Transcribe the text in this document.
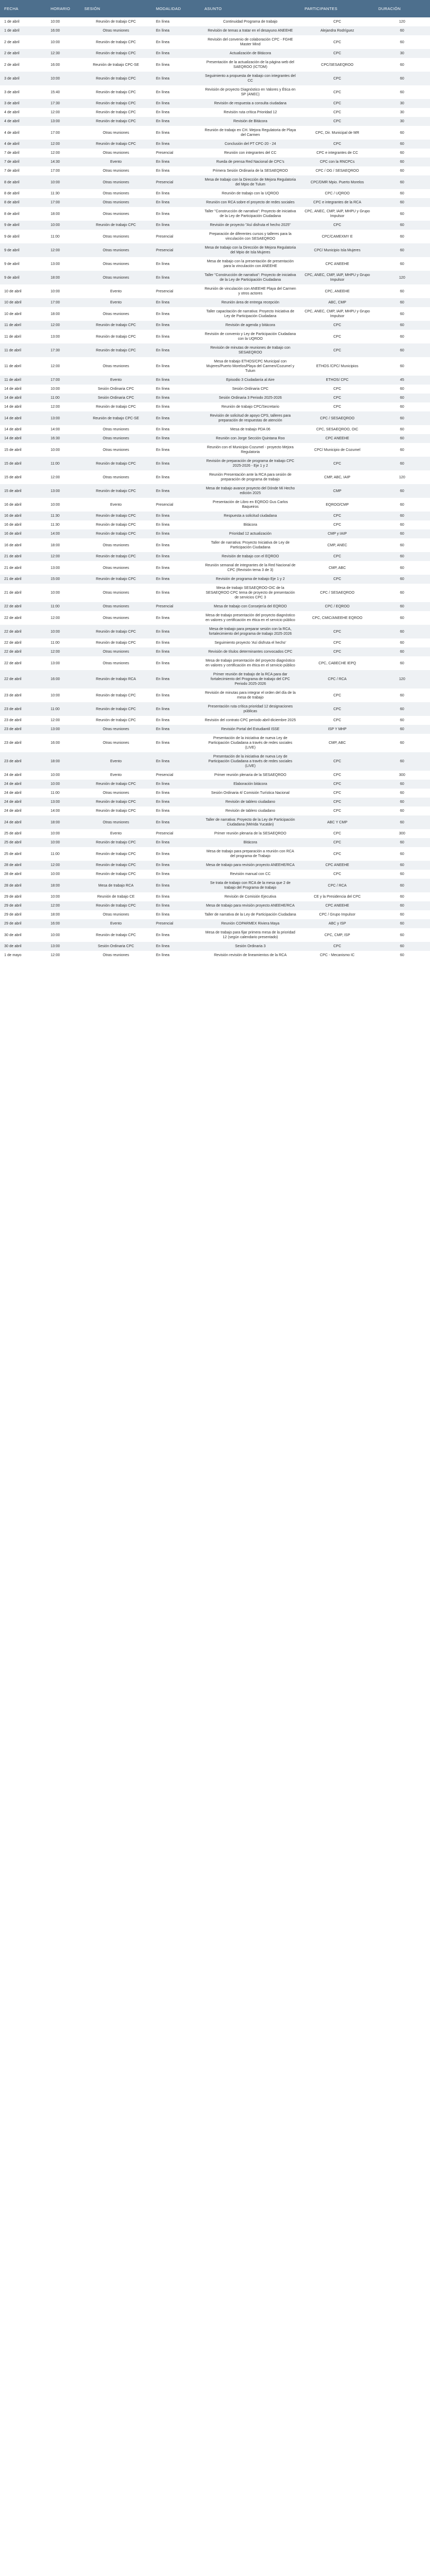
FECHA	HORARIO	SESIÓN	MODALIDAD	ASUNTO	PARTICIPANTES	DURACIÓN
1 de abril	10:00	Reunión de trabajo CPC	En línea	Continuidad Programa de trabajo	CPC	120
1 de abril	16:00	Otras reuniones	En línea	Revisión de temas a tratar en el desayuno ANEEHE	Alejandra Rodríguez	60
2 de abril	10:00	Reunión de trabajo CPC	En línea	Revisión del convenio de colaboración CPC - FGHE Master Mind	CPC	60
2 de abril	12:30	Reunión de trabajo CPC	En línea	Actualización de Bitácora	CPC	30
2 de abril	16:00	Reunión de trabajo CPC-SE	En línea	Presentación de la actualización de la página web del SAEQROO (ICTDM)	CPC/SESAEQROO	60
3 de abril	10:00	Reunión de trabajo CPC	En línea	Seguimiento a propuesta de trabajo con integrantes del CC	CPC	60
3 de abril	15:40	Reunión de trabajo CPC	En línea	Revisión de proyecto Diagnóstico en Valores y Ética en SP (ANEC)	CPC	60
3 de abril	17:30	Reunión de trabajo CPC	En línea	Revisión de respuesta a consulta ciudadana	CPC	30
4 de abril	12:00	Reunión de trabajo CPC	En línea	Revisión ruta crítica Prioridad 12	CPC	30
4 de abril	13:00	Reunión de trabajo CPC	En línea	Revisión de Bitácora	CPC	30
4 de abril	17:00	Otras reuniones	En línea	Reunión de trabajo en CH. Mejora Regulatoria de Playa del Carmen	CPC, Dir. Municipal de MR	60
4 de abril	12:00	Reunión de trabajo CPC	En línea	Conclusión del PT CPC-20 - 24	CPC	60
7 de abril	12:00	Otras reuniones	Presencial	Reunión con integrantes del CC	CPC e integrantes de CC	60
7 de abril	14:30	Evento	En línea	Rueda de prensa Red Nacional de CPC's	CPC con la RNCPCs	60
7 de abril	17:00	Otras reuniones	En línea	Primera Sesión Ordinaria de la SESAEQROO	CPC / OG / SESAEQROO	60
8 de abril	10:00	Otras reuniones	Presencial	Mesa de trabajo con la Dirección de Mejora Regulatoria del Mpio de Tulum	CPC/DMR Mpio. Puerto Morelos	60
8 de abril	11:30	Otras reuniones	En línea	Reunión de trabajo con la UQROO	CPC / UQROO	60
8 de abril	17:00	Otras reuniones	En línea	Reunión con RCA sobre el proyecto de redes sociales	CPC e integrantes de la RCA	60
8 de abril	18:00	Otras reuniones	En línea	Taller "Construcción de narrativa": Proyecto de iniciativa de la Ley de Participación Ciudadana	CPC, ANEC, CMP, IAIP, MHPU y Grupo Impulsor	60
9 de abril	10:00	Reunión de trabajo CPC	En línea	Revisión de proyecto "Así disfruta el hecho 2025"	CPC	60
9 de abril	11:00	Otras reuniones	Presencial	Preparación de diferentes cursos y talleres para la vinculación con SESAEQROO	CPC/CAMEXMY E	60
9 de abril	12:00	Otras reuniones	Presencial	Mesa de trabajo con la Dirección de Mejora Regulatoria del Mpio de Isla Mujeres	CPC/ Municipio Isla Mujeres	60
9 de abril	13:00	Otras reuniones	En línea	Mesa de trabajo con la presentación de presentación para la vinculación con ANEEHE	CPC ANEEHE	60
9 de abril	18:00	Otras reuniones	En línea	Taller "Construcción de narrativa": Proyecto de iniciativa de la Ley de Participación Ciudadana	CPC, ANEC, CMP, IAIP, MHPU y Grupo Impulsor	120
10 de abril	10:00	Evento	Presencial	Reunión de vinculación con ANEEHE Playa del Carmen y otros actores	CPC, ANEEHE	60
10 de abril	17:00	Evento	En línea	Reunión área de entrega recepción	ABC, CMP	60
10 de abril	18:00	Otras reuniones	En línea	Taller capacitación de narrativa: Proyecto Iniciativa de Ley de Participación Ciudadana	CPC, ANEC, CMP, IAIP, MHPU y Grupo Impulsor	60
11 de abril	12:00	Reunión de trabajo CPC	En línea	Revisión de agenda y bitácora	CPC	60
11 de abril	13:00	Reunión de trabajo CPC	En línea	Revisión de convenio y Ley de Participación Ciudadana con la UQROO	CPC	60
11 de abril	17:30	Reunión de trabajo CPC	En línea	Revisión de minutas de reuniones de trabajo con SESAEQROO	CPC	60
11 de abril	12:00	Otras reuniones	En línea	Mesa de trabajo ETHOS/CPC Municipal con Mujeres/Puerto Morelos/Playa del Carmen/Cozumel y Tulum	ETHOS /CPC/ Municipios	60
11 de abril	17:00	Evento	En línea	Episodio 3 Ciudadanía al Aire	ETHOS/ CPC	45
14 de abril	10:00	Sesión Ordinaria CPC	En línea	Sesión Ordinaria CPC	CPC	60
14 de abril	11:00	Sesión Ordinaria CPC	En línea	Sesión Ordinaria 3 Periodo 2025-2026	CPC	60
14 de abril	12:00	Reunión de trabajo CPC	En línea	Reunión de trabajo CPC/Secretario	CPC	60
14 de abril	13:00	Reunión de trabajo CPC-SE	En línea	Revisión de solicitud de apoyo CPS, talleres para preparación de respuestas de atención	CPC / SESAEQROO	60
14 de abril	14:00	Otras reuniones	En línea	Mesa de trabajo PDA 06	CPC, SESAEQROO, OIC	60
14 de abril	16:30	Otras reuniones	En línea	Reunión con Jorge Sección Quintana Roo	CPC ANEEHE	60
15 de abril	10:00	Otras reuniones	En línea	Reunión con el Municipio Cozumel - proyecto Mejora Regulatoria	CPC/ Municipio de Cozumel	60
15 de abril	11:00	Reunión de trabajo CPC	En línea	Revisión de preparación de programa de trabajo CPC 2025-2026 - Eje 1 y 2	CPC	60
15 de abril	12:00	Otras reuniones	En línea	Reunión Presentación ante la RCA para sesión de preparación de programa de trabajo	CMP, ABC, IAIP	120
15 de abril	13:00	Reunión de trabajo CPC	En línea	Mesa de trabajo avance proyecto del Dónde Mi Hecho edición 2025	CMP	60
16 de abril	10:00	Evento	Presencial	Presentación de Libro en EQROO Gus Carlos Baqueiros	EQROO/CMP	60
16 de abril	11:30	Reunión de trabajo CPC	En línea	Respuesta a solicitud ciudadana	CPC	60
16 de abril	11:30	Reunión de trabajo CPC	En línea	Bitácora	CPC	60
16 de abril	14:00	Reunión de trabajo CPC	En línea	Prioridad 12 actualización	CMP y IAIP	60
16 de abril	18:00	Otras reuniones	En línea	Taller de narrativa: Proyecto Iniciativa de Ley de Participación Ciudadana	CMP, ANEC	60
21 de abril	12:00	Reunión de trabajo CPC	En línea	Revisión de trabajo con el EQROO	CPC	60
21 de abril	13:00	Otras reuniones	En línea	Reunión semanal de integrantes de la Red Nacional de CPC (Revisión tema 3 de 3)	CMP, ABC	60
21 de abril	15:00	Reunión de trabajo CPC	En línea	Revisión de programa de trabajo Eje 1 y 2	CPC	60
21 de abril	10:00	Otras reuniones	En línea	Mesa de trabajo SESAEQROO-OIC de la SESAEQROO CPC tema de proyecto de presentación de servicios CPC 3	CPC / SESAEQROO	60
22 de abril	11:00	Otras reuniones	Presencial	Mesa de trabajo con Consejería del EQROO	CPC / EQROO	60
22 de abril	12:00	Otras reuniones	En línea	Mesa de trabajo presentación del proyecto diagnóstico en valores y certificación en ética en el servicio público	CPC, CMIC/ANEEHE EQROO	60
22 de abril	10:00	Reunión de trabajo CPC	En línea	Mesa de trabajo para preparar sesión con la RCA, fortalecimiento del programa de trabajo 2025-2026	CPC	60
22 de abril	11:00	Reunión de trabajo CPC	En línea	Seguimiento proyecto 'Así disfruta el hecho'	CPC	60
22 de abril	12:00	Otras reuniones	En línea	Revisión de títulos determinantes convocados CPC	CPC	60
22 de abril	13:00	Otras reuniones	En línea	Mesa de trabajo presentación del proyecto diagnóstico en valores y certificación en ética en el servicio público	CPC, CABECHE IEPQ	60
22 de abril	16:00	Reunión de trabajo RCA	En línea	Primer reunión de trabajo de la RCA para dar fortalecimiento del Programa de trabajo del CPC Periodo 2025-2026	CPC / RCA	120
23 de abril	10:00	Reunión de trabajo CPC	En línea	Revisión de minutas para integrar el orden del día de la mesa de trabajo	CPC	60
23 de abril	11:00	Reunión de trabajo CPC	En línea	Presentación ruta crítica prioridad 12 designaciones públicas	CPC	60
23 de abril	12:00	Reunión de trabajo CPC	En línea	Revisión del contrato CPC periodo abril-diciembre 2025	CPC	60
23 de abril	13:00	Otras reuniones	En línea	Revisión Portal del Estudiantil ISSE	ISP Y MHP	60
23 de abril	16:00	Otras reuniones	En línea	Presentación de la iniciativa de nueva Ley de Participación Ciudadana a través de redes sociales (LIVE)	CMP, ABC	60
23 de abril	18:00	Evento	En línea	Presentación de la iniciativa de nueva Ley de Participación Ciudadana a través de redes sociales (LIVE)	CPC	60
24 de abril	10:00	Evento	Presencial	Primer reunión plenaria de la SESAEQROO	CPC	300
24 de abril	10:00	Reunión de trabajo CPC	En línea	Elaboración bitácora	CPC	60
24 de abril	11:00	Otras reuniones	En línea	Sesión Ordinaria 4/ Comisión Turística Nacional	CPC	60
24 de abril	13:00	Reunión de trabajo CPC	En línea	Revisión de tablero ciudadano	CPC	60
24 de abril	14:00	Reunión de trabajo CPC	En línea	Revisión de tablero ciudadano	CPC	60
24 de abril	18:00	Otras reuniones	En línea	Taller de narrativa: Proyecto de la Ley de Participación Ciudadana (Mérida Yucatán)	ABC Y CMP	60
25 de abril	10:00	Evento	Presencial	Primer reunión plenaria de la SESAEQROO	CPC	300
25 de abril	10:00	Reunión de trabajo CPC	En línea	Bitácora	CPC	60
25 de abril	11:00	Reunión de trabajo CPC	En línea	Mesa de trabajo para preparación a reunión con RCA del programa de Trabajo	CPC	60
28 de abril	12:00	Reunión de trabajo CPC	En línea	Mesa de trabajo para revisión proyecto ANEEHE/RCA	CPC ANEEHE	60
28 de abril	10:00	Reunión de trabajo CPC	En línea	Revisión manual con CC	CPC	60
28 de abril	18:00	Mesa de trabajo RCA	En línea	Se trata de trabajo con RCA de la mesa que 2 de trabajo del Programa de trabajo	CPC / RCA	60
29 de abril	10:00	Reunión de trabajo CE	En línea	Revisión de Comisión Ejecutiva	CE y la Presidencia del CPC	60
29 de abril	12:00	Reunión de trabajo CPC	En línea	Mesa de trabajo para revisión proyecto ANEEHE/RCA	CPC ANEEHE	60
29 de abril	18:00	Otras reuniones	En línea	Taller de narrativa de la Ley de Participación Ciudadana	CPC / Grupo Impulsor	60
29 de abril	16:00	Evento	Presencial	Reunión COPARMEX Riviera Maya	ABC y ISP	60
30 de abril	10:00	Reunión de trabajo CPC	En línea	Mesa de trabajo para fijar primera mesa de la prioridad 12 (según calendario presentado)	CPC, CMP, ISP	60
30 de abril	13:00	Sesión Ordinaria CPC	En línea	Sesión Ordinaria 3	CPC	60
1 de mayo	12:00	Otras reuniones	En línea	Revisión revisión de lineamientos de la RCA	CPC - Mecanismo IC	60
